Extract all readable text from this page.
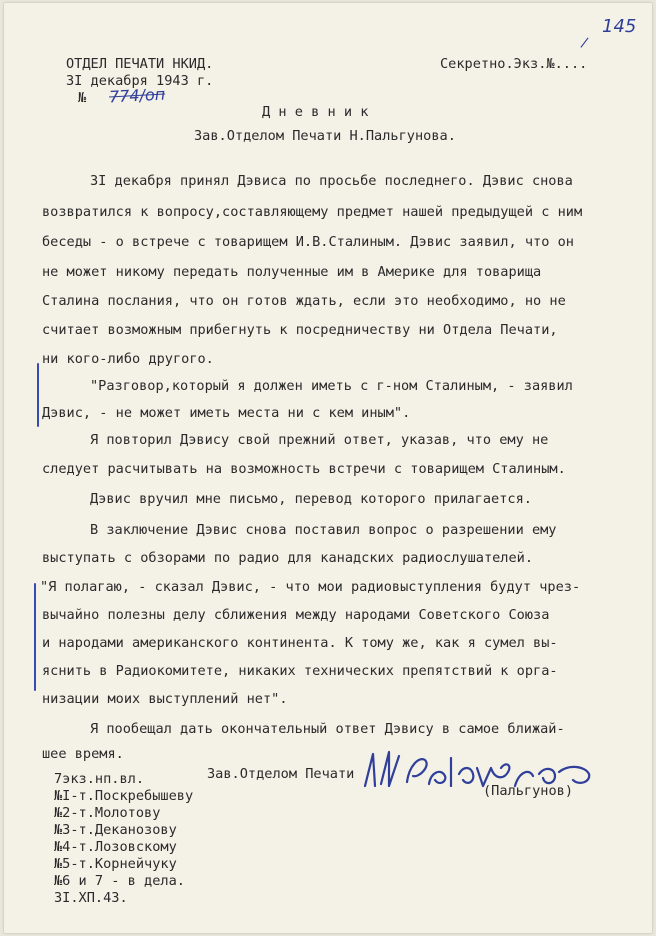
ОТДЕЛ ПЕЧАТИ НКИД.
3I декабря 1943 г.
№ 774/оп
Секретно.Экз.№....
145
/
Д н е в н и к
Зав.Отделом Печати Н.Пальгунова.
3I декабря принял Дэвиса по просьбе последнего. Дэвис снова
возвратился к вопросу,составляющему предмет нашей предыдущей с ним
беседы - о встрече с товарищем И.В.Сталиным. Дэвис заявил, что он
не может никому передать полученные им в Америке для товарища
Сталина послания, что он готов ждать, если это необходимо, но не
считает возможным прибегнуть к посредничеству ни Отдела Печати,
ни кого-либо другого.
"Разговор,который я должен иметь с г-ном Сталиным, - заявил
Дэвис, - не может иметь места ни с кем иным".
Я повторил Дэвису свой прежний ответ, указав, что ему не
следует расчитывать на возможность встречи с товарищем Сталиным.
Дэвис вручил мне письмо, перевод которого прилагается.
В заключение Дэвис снова поставил вопрос о разрешении ему
выступать с обзорами по радио для канадских радиослушателей.
"Я полагаю, - сказал Дэвис, - что мои радиовыступления будут чрез-
вычайно полезны делу сближения между народами Советского Союза
и народами американского континента. К тому же, как я сумел вы-
яснить в Радиокомитете, никаких технических препятствий к орга-
низации моих выступлений нет".
Я пообещал дать окончательный ответ Дэвису в самое ближай-
шее время.
Зав.Отделом Печати
(Пальгунов)
7экз.нп.вл.
№I-т.Поскребышеву
№2-т.Молотову
№3-т.Деканозову
№4-т.Лозовскому
№5-т.Корнейчуку
№6 и 7 - в дела.
3I.ХП.43.
